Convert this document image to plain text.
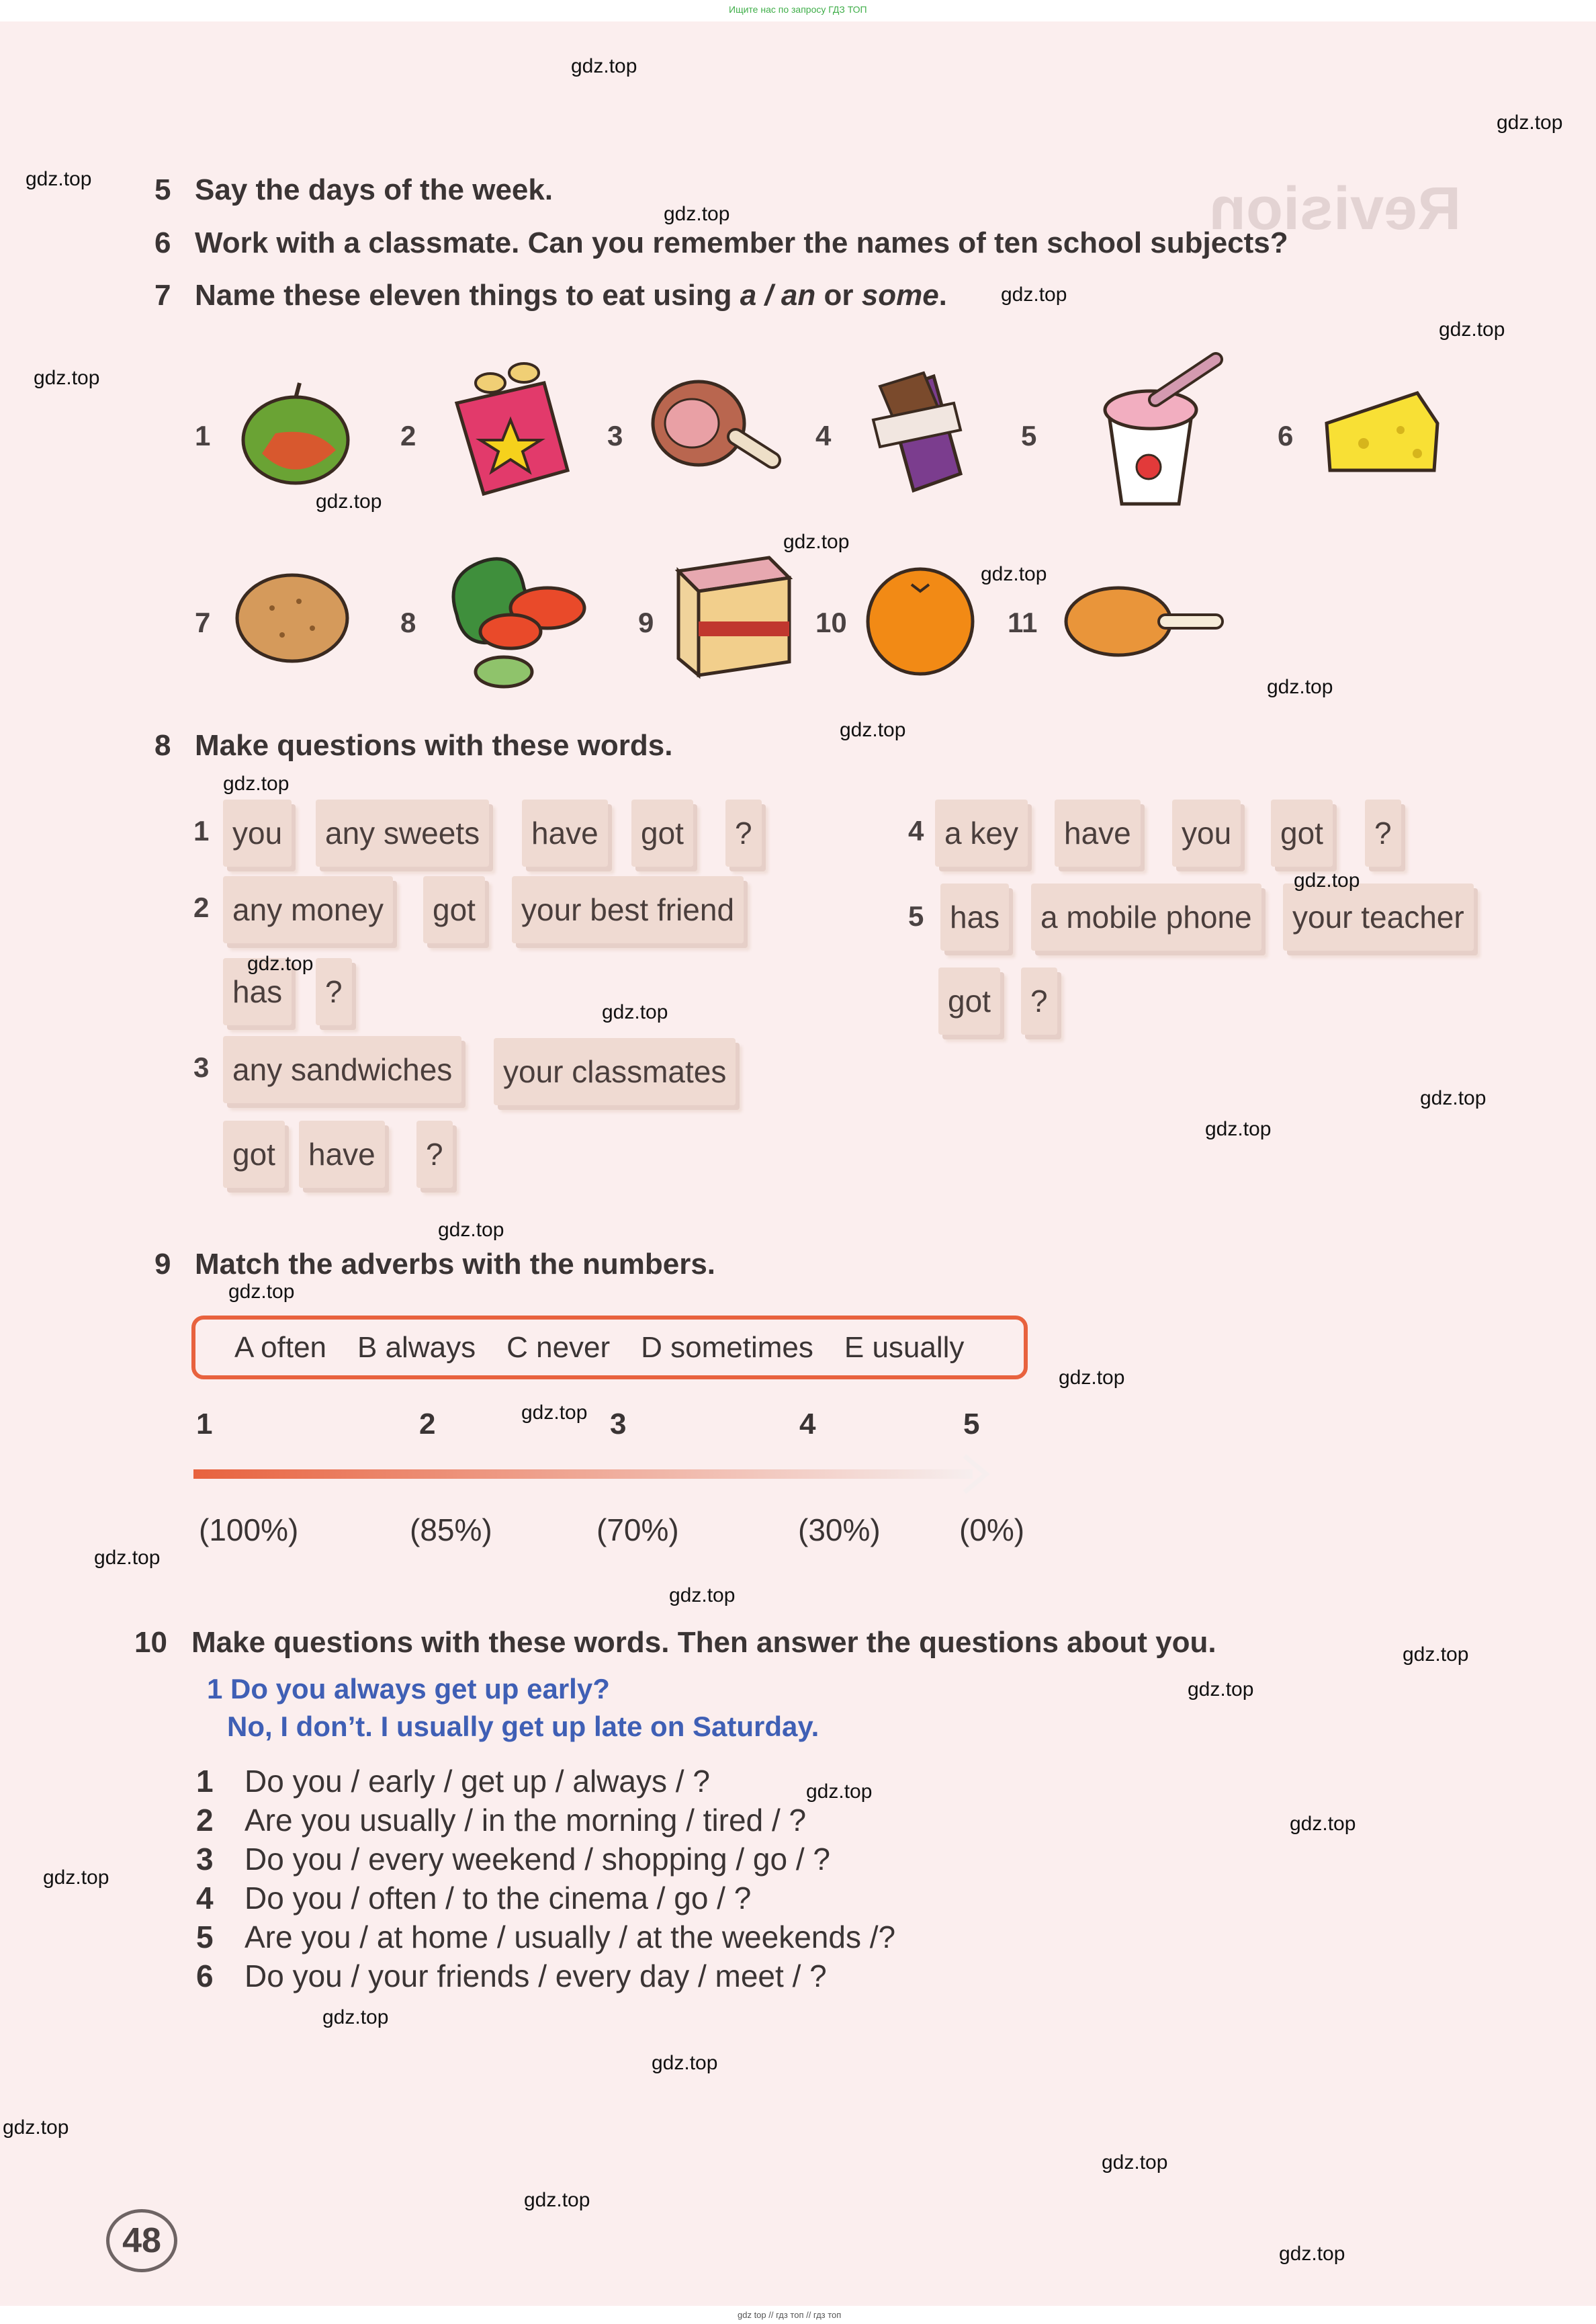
Ищите нас по запросу ГДЗ ТОП
Revision
5 Say the days of the week.
6 Work with a classmate. Can you remember the names of ten school subjects?
7 Name these eleven things to eat using a / an or some.
1	2	3	4	5	6
7	8	9	10	11
8 Make questions with these words.
1 you	any sweets	have	got	?
2 any money	got	your best friend
has	?
3 any sandwiches	your classmates
got	have	?
4 a key	have	you	got	?
5 has	a mobile phone	your teacher
got	?
9 Match the adverbs with the numbers.
A often B always C never D sometimes E usually
1	2	3	4	5
(100%)	(85%)	(70%)	(30%)	(0%)
10 Make questions with these words. Then answer the questions about you.
1 Do you always get up early?
No, I don’t. I usually get up late on Saturday.
1 Do you / early / get up / always / ?
2 Are you usually / in the morning / tired / ?
3 Do you / every weekend / shopping / go / ?
4 Do you / often / to the cinema / go / ?
5 Are you / at home / usually / at the weekends /?
6 Do you / your friends / every day / meet / ?
48
gdz.top
gdz.top
gdz.top
gdz.top
gdz.top
gdz.top
gdz.top
gdz.top
gdz.top
gdz.top
gdz.top
gdz.top
gdz.top
gdz.top
gdz.top
gdz.top
gdz.top
gdz.top
gdz.top
gdz.top
gdz.top
gdz.top
gdz.top
gdz.top
gdz.top
gdz.top
gdz.top
gdz.top
gdz.top
gdz.top
gdz.top
gdz.top
gdz.top
gdz.top
gdz.top
gdz top // гдз топ // гдз топ
